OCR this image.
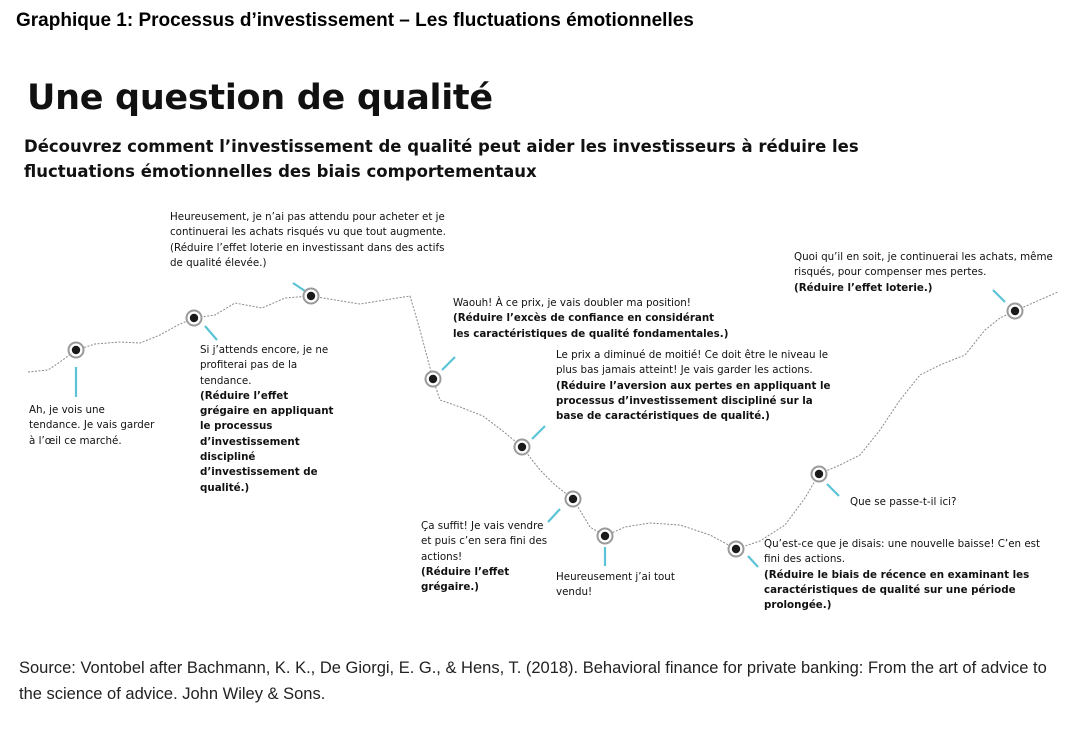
Graphique 1: Processus d’investissement – Les fluctuations émotionnelles
Une question de qualité
Découvrez comment l’investissement de qualité peut aider les investisseurs à réduire les fluctuations émotionnelles des biais comportementaux
Ah, je vois une tendance. Je vais garder à l’œil ce marché.
Si j’attends encore, je ne profiterai pas de la tendance.
(Réduire l’effet grégaire en appliquant le processus d’investissement discipliné d’investissement de qualité.)
Heureusement, je n’ai pas attendu pour acheter et je continuerai les achats risqués vu que tout augmente. (Réduire l’effet loterie en investissant dans des actifs de qualité élevée.)
Waouh! À ce prix, je vais doubler ma position!
(Réduire l’excès de confiance en considérant les caractéristiques de qualité fondamentales.)
Le prix a diminué de moitié! Ce doit être le niveau le plus bas jamais atteint! Je vais garder les actions.
(Réduire l’aversion aux pertes en appliquant le processus d’investissement discipliné sur la base de caractéristiques de qualité.)
Ça suffit! Je vais vendre et puis c’en sera fini des actions!
(Réduire l’effet grégaire.)
Heureusement j’ai tout vendu!
Qu’est-ce que je disais: une nouvelle baisse! C’en est fini des actions.
(Réduire le biais de récence en examinant les caractéristiques de qualité sur une période prolongée.)
Que se passe-t-il ici?
Quoi qu’il en soit, je continuerai les achats, même risqués, pour compenser mes pertes.
(Réduire l’effet loterie.)
Source: Vontobel after Bachmann, K. K., De Giorgi, E. G., & Hens, T. (2018). Behavioral finance for private banking: From the art of advice to the science of advice. John Wiley & Sons.
